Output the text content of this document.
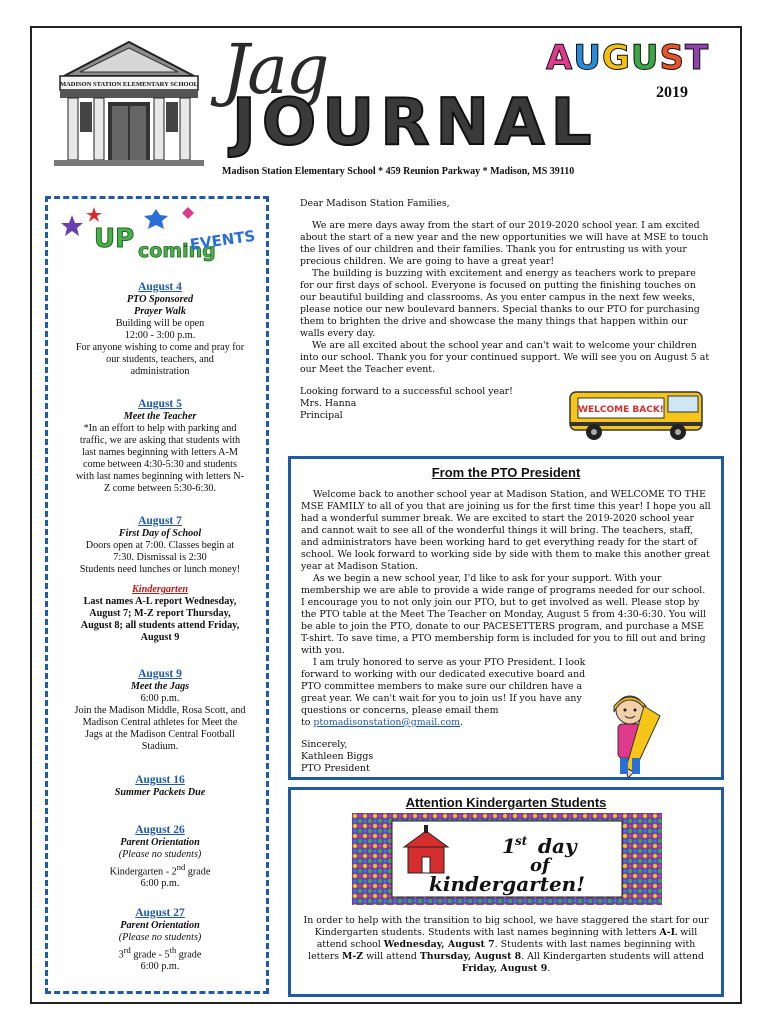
MADISON STATION ELEMENTARY SCHOOL Jag
JOURNAL
AUGUST
2019
Madison Station Elementary School * 459 Reunion Parkway * Madison, MS 39110
UP coming
EVENTS
August 4
PTO Sponsored
Prayer Walk
Building will be open
12:00 - 3:00 p.m.
For anyone wishing to come and pray for
our students, teachers, and
administration
August 5
Meet the Teacher
*In an effort to help with parking and
traffic, we are asking that students with
last names beginning with letters A-M
come between 4:30-5:30 and students
with last names beginning with letters N-
Z come between 5:30-6:30.
August 7
First Day of School
Doors open at 7:00. Classes begin at
7:30. Dismissal is 2:30
Students need lunches or lunch money!
Kindergarten
Last names A-L report Wednesday,
August 7; M-Z report Thursday,
August 8; all students attend Friday,
August 9
August 9
Meet the Jags
6:00 p.m.
Join the Madison Middle, Rosa Scott, and
Madison Central athletes for Meet the
Jags at the Madison Central Football
Stadium.
August 16
Summer Packets Due
August 26
Parent Orientation
(Please no students)
Kindergarten - 2nd grade
6:00 p.m.
August 27
Parent Orientation
(Please no students)
3rd grade - 5th grade
6:00 p.m.

Dear Madison Station Families,

We are mere days away from the start of our 2019-2020 school year. I am excited about the start of a new year and the new opportunities we will have at MSE to touch the lives of our children and their families. Thank you for entrusting us with your precious children. We are going to have a great year!

The building is buzzing with excitement and energy as teachers work to prepare for our first days of school. Everyone is focused on putting the finishing touches on our beautiful building and classrooms. As you enter campus in the next few weeks, please notice our new boulevard banners. Special thanks to our PTO for purchasing them to brighten the drive and showcase the many things that happen within our walls every day.

We are all excited about the school year and can't wait to welcome your children into our school. Thank you for your continued support. We will see you on August 5 at our Meet the Teacher event.

Looking forward to a successful school year!

Mrs. Hanna

Principal	WELCOME BACK!
From the PTO President

Welcome back to another school year at Madison Station, and WELCOME TO THE MSE FAMILY to all of you that are joining us for the first time this year! I hope you all had a wonderful summer break. We are excited to start the 2019-2020 school year and cannot wait to see all of the wonderful things it will bring. The teachers, staff, and administrators have been working hard to get everything ready for the start of school. We look forward to working side by side with them to make this another great year at Madison Station.

As we begin a new school year, I'd like to ask for your support. With your membership we are able to provide a wide range of programs needed for our school. I encourage you to not only join our PTO, but to get involved as well. Please stop by the PTO table at the Meet The Teacher on Monday, August 5 from 4:30-6:30. You will be able to join the PTO, donate to our PACESETTERS program, and purchase a MSE T-shirt. To save time, a PTO membership form is included for you to fill out and bring with you.

I am truly honored to serve as your PTO President. I look forward to working with our dedicated executive board and PTO committee members to make sure our children have a great year. We can't wait for you to join us! If you have any questions or concerns, please email them

to ptomadisonstation@gmail.com.

Sincerely,

Kathleen Biggs

PTO President

Attention Kindergarten Students
1 st day
of
kindergarten!
In order to help with the transition to big school, we have staggered the start for our Kindergarten students. Students with last names beginning with letters A-L will attend school Wednesday, August 7. Students with last names beginning with letters M-Z will attend Thursday, August 8. All Kindergarten students will attend Friday, August 9.
